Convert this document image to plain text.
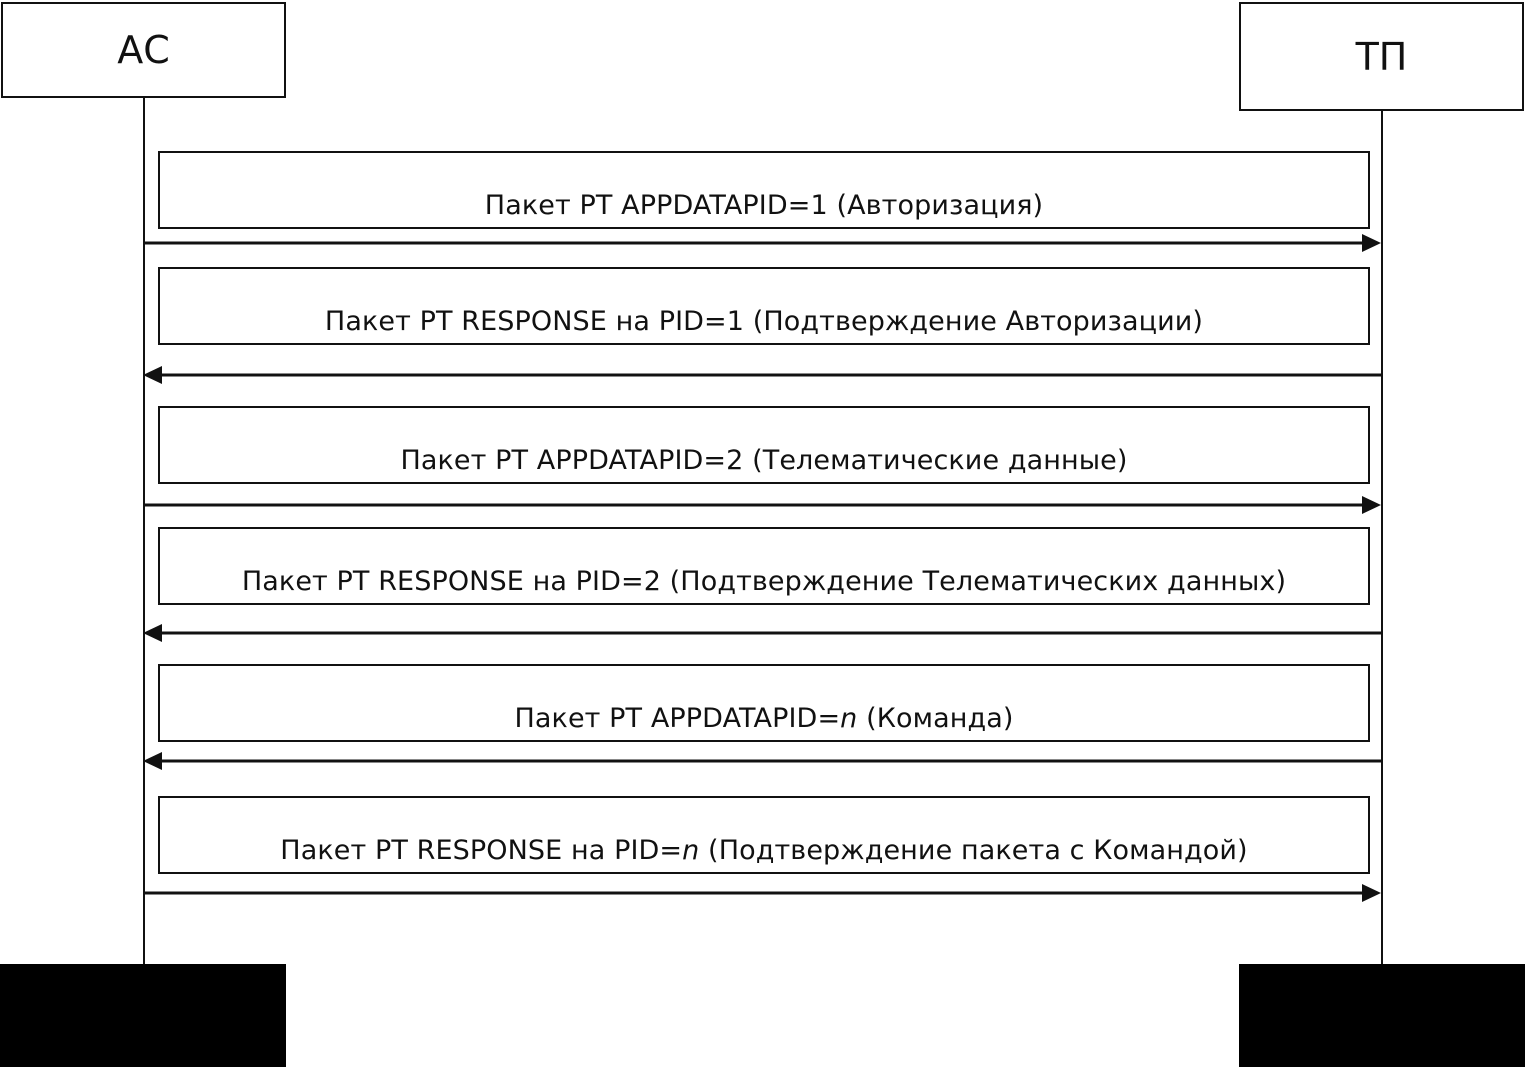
АС	ТП
Пакет РТ APPDATAPID=1 (Авторизация)
Пакет РТ RESPONSE на PID=1 (Подтверждение Авторизации)
Пакет РТ APPDATAPID=2 (Телематические данные)
Пакет РТ RESPONSE на PID=2 (Подтверждение Телематических данных)
Пакет РТ APPDATAPID=n (Команда)
Пакет РТ RESPONSE на PID=n (Подтверждение пакета с Командой)
